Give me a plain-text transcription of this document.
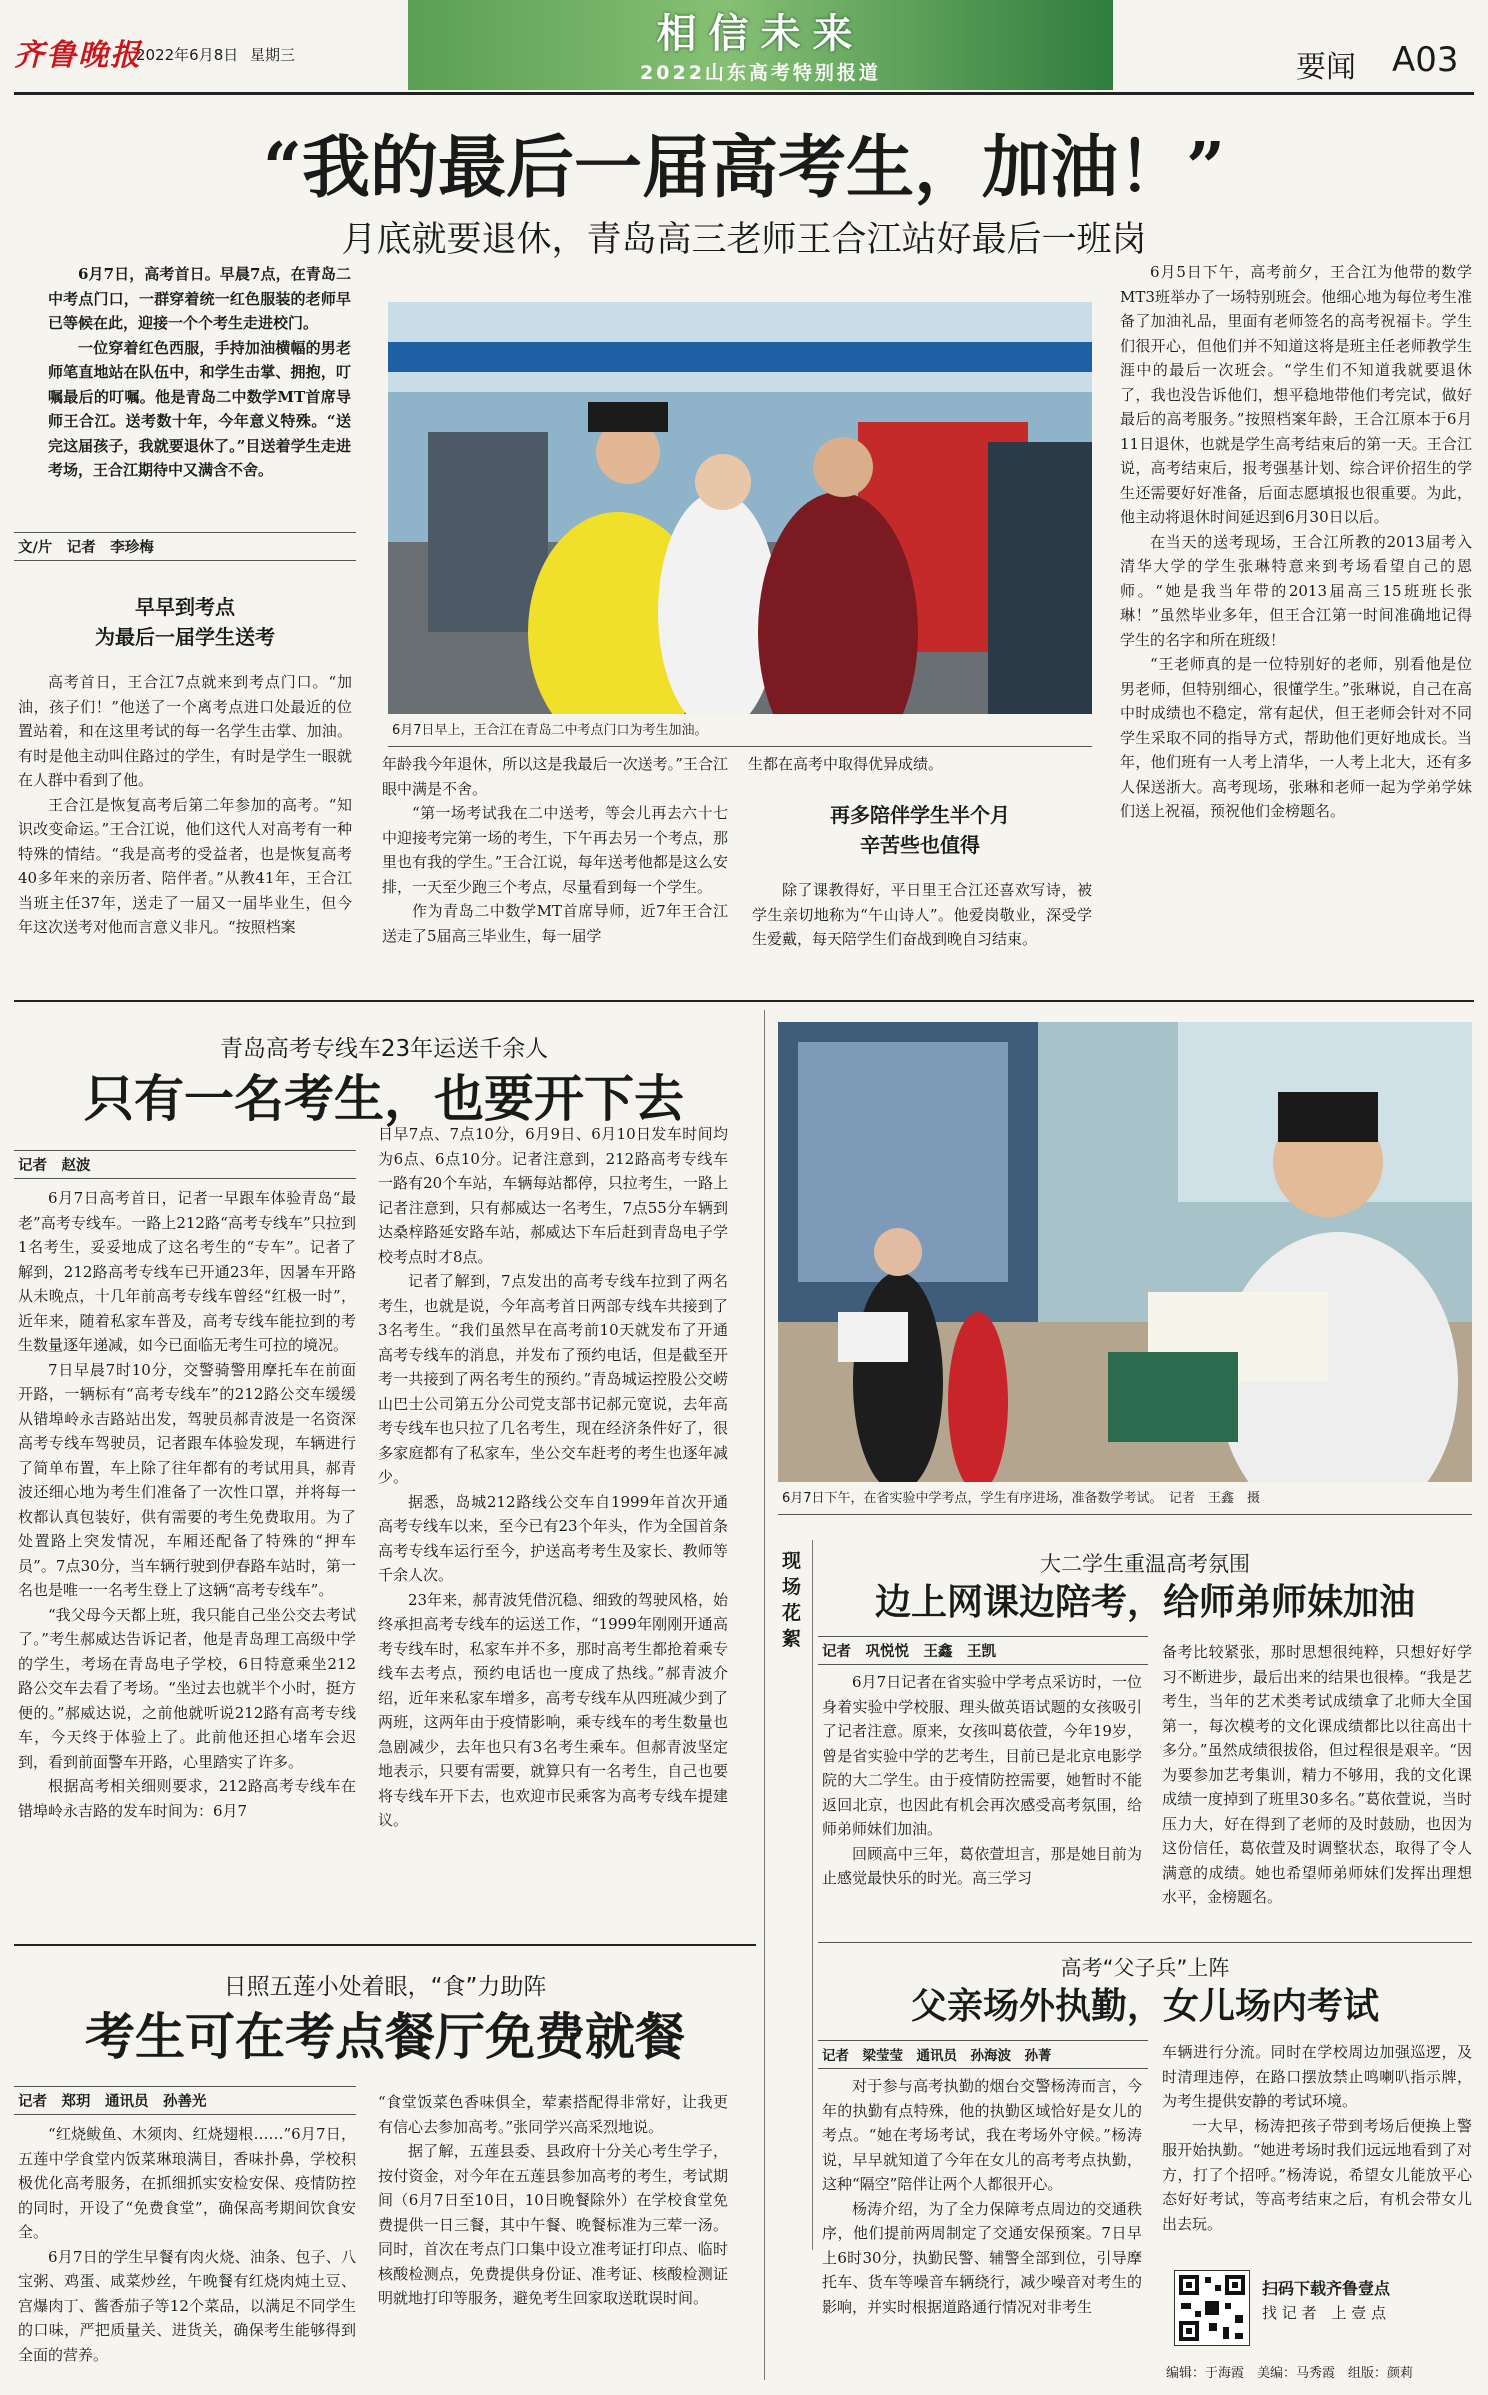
齐鲁晚报
2022年6月8日 星期三	相信未来
2022山东高考特别报道	要闻 A03
“我的最后一届高考生，加油！”
月底就要退休，青岛高三老师王合江站好最后一班岗

6月7日，高考首日。早晨7点，在青岛二中考点门口，一群穿着统一红色服装的老师早已等候在此，迎接一个个考生走进校门。

一位穿着红色西服，手持加油横幅的男老师笔直地站在队伍中，和学生击掌、拥抱，叮嘱最后的叮嘱。他是青岛二中数学MT首席导师王合江。送考数十年，今年意义特殊。“送完这届孩子，我就要退休了。”目送着学生走进考场，王合江期待中又满含不舍。

文/片　记者　李珍梅
早早到考点
为最后一届学生送考

高考首日，王合江7点就来到考点门口。“加油，孩子们！”他送了一个离考点进口处最近的位置站着，和在这里考试的每一名学生击掌、加油。有时是他主动叫住路过的学生，有时是学生一眼就在人群中看到了他。

王合江是恢复高考后第二年参加的高考。“知识改变命运。”王合江说，他们这代人对高考有一种特殊的情结。“我是高考的受益者，也是恢复高考40多年来的亲历者、陪伴者。”从教41年，王合江当班主任37年，送走了一届又一届毕业生，但今年这次送考对他而言意义非凡。“按照档案

6月7日早上，王合江在青岛二中考点门口为考生加油。

年龄我今年退休，所以这是我最后一次送考。”王合江眼中满是不舍。

“第一场考试我在二中送考，等会儿再去六十七中迎接考完第一场的考生，下午再去另一个考点，那里也有我的学生。”王合江说，每年送考他都是这么安排，一天至少跑三个考点，尽量看到每一个学生。

作为青岛二中数学MT首席导师，近7年王合江送走了5届高三毕业生，每一届学

生都在高考中取得优异成绩。

再多陪伴学生半个月
辛苦些也值得

除了课教得好，平日里王合江还喜欢写诗，被学生亲切地称为“午山诗人”。他爱岗敬业，深受学生爱戴，每天陪学生们奋战到晚自习结束。

6月5日下午，高考前夕，王合江为他带的数学MT3班举办了一场特别班会。他细心地为每位考生准备了加油礼品，里面有老师签名的高考祝福卡。学生们很开心，但他们并不知道这将是班主任老师教学生涯中的最后一次班会。“学生们不知道我就要退休了，我也没告诉他们，想平稳地带他们考完试，做好最后的高考服务。”按照档案年龄，王合江原本于6月11日退休，也就是学生高考结束后的第一天。王合江说，高考结束后，报考强基计划、综合评价招生的学生还需要好好准备，后面志愿填报也很重要。为此，他主动将退休时间延迟到6月30日以后。

在当天的送考现场，王合江所教的2013届考入清华大学的学生张琳特意来到考场看望自己的恩师。“她是我当年带的2013届高三15班班长张琳！”虽然毕业多年，但王合江第一时间准确地记得学生的名字和所在班级！

“王老师真的是一位特别好的老师，别看他是位男老师，但特别细心，很懂学生。”张琳说，自己在高中时成绩也不稳定，常有起伏，但王老师会针对不同学生采取不同的指导方式，帮助他们更好地成长。当年，他们班有一人考上清华，一人考上北大，还有多人保送浙大。高考现场，张琳和老师一起为学弟学妹们送上祝福，预祝他们金榜题名。

青岛高考专线车23年运送千余人
只有一名考生，也要开下去
记者　赵波

6月7日高考首日，记者一早跟车体验青岛“最老”高考专线车。一路上212路“高考专线车”只拉到1名考生，妥妥地成了这名考生的“专车”。记者了解到，212路高考专线车已开通23年，因暑车开路从未晚点，十几年前高考专线车曾经“红极一时”，近年来，随着私家车普及，高考专线车能拉到的考生数量逐年递减，如今已面临无考生可拉的境况。

7日早晨7时10分，交警骑警用摩托车在前面开路，一辆标有“高考专线车”的212路公交车缓缓从错埠岭永吉路站出发，驾驶员郝青波是一名资深高考专线车驾驶员，记者跟车体验发现，车辆进行了简单布置，车上除了往年都有的考试用具，郝青波还细心地为考生们准备了一次性口罩，并将每一枚都认真包装好，供有需要的考生免费取用。为了处置路上突发情况，车厢还配备了特殊的“押车员”。7点30分，当车辆行驶到伊春路车站时，第一名也是唯一一名考生登上了这辆“高考专线车”。

“我父母今天都上班，我只能自己坐公交去考试了。”考生郝威达告诉记者，他是青岛理工高级中学的学生，考场在青岛电子学校，6日特意乘坐212路公交车去看了考场。“坐过去也就半个小时，挺方便的。”郝威达说，之前他就听说212路有高考专线车，今天终于体验上了。此前他还担心堵车会迟到，看到前面警车开路，心里踏实了许多。

根据高考相关细则要求，212路高考专线车在错埠岭永吉路的发车时间为：6月7

日早7点、7点10分，6月9日、6月10日发车时间均为6点、6点10分。记者注意到，212路高考专线车一路有20个车站，车辆每站都停，只拉考生，一路上记者注意到，只有郝威达一名考生，7点55分车辆到达桑梓路延安路车站，郝威达下车后赶到青岛电子学校考点时才8点。

记者了解到，7点发出的高考专线车拉到了两名考生，也就是说，今年高考首日两部专线车共接到了3名考生。“我们虽然早在高考前10天就发布了开通高考专线车的消息，并发布了预约电话，但是截至开考一共接到了两名考生的预约。”青岛城运控股公交崂山巴士公司第五分公司党支部书记郝元宽说，去年高考专线车也只拉了几名考生，现在经济条件好了，很多家庭都有了私家车，坐公交车赶考的考生也逐年减少。

据悉，岛城212路线公交车自1999年首次开通高考专线车以来，至今已有23个年头，作为全国首条高考专线车运行至今，护送高考考生及家长、教师等千余人次。

23年来，郝青波凭借沉稳、细致的驾驶风格，始终承担高考专线车的运送工作，“1999年刚刚开通高考专线车时，私家车并不多，那时高考生都抢着乘专线车去考点，预约电话也一度成了热线。”郝青波介绍，近年来私家车增多，高考专线车从四班减少到了两班，这两年由于疫情影响，乘专线车的考生数量也急剧减少，去年也只有3名考生乘车。但郝青波坚定地表示，只要有需要，就算只有一名考生，自己也要将专线车开下去，也欢迎市民乘客为高考专线车提建议。

6月7日下午，在省实验中学考点，学生有序进场，准备数学考试。　记者　王鑫　摄
现场花絮
大二学生重温高考氛围
边上网课边陪考，给师弟师妹加油
记者　巩悦悦　王鑫　王凯

6月7日记者在省实验中学考点采访时，一位身着实验中学校服、理头做英语试题的女孩吸引了记者注意。原来，女孩叫葛依萱，今年19岁，曾是省实验中学的艺考生，目前已是北京电影学院的大二学生。由于疫情防控需要，她暂时不能返回北京，也因此有机会再次感受高考氛围，给师弟师妹们加油。

回顾高中三年，葛依萱坦言，那是她目前为止感觉最快乐的时光。高三学习

备考比较紧张，那时思想很纯粹，只想好好学习不断进步，最后出来的结果也很棒。“我是艺考生，当年的艺术类考试成绩拿了北师大全国第一，每次模考的文化课成绩都比以往高出十多分。”虽然成绩很拔俗，但过程很是艰辛。“因为要参加艺考集训，精力不够用，我的文化课成绩一度掉到了班里30多名。”葛依萱说，当时压力大，好在得到了老师的及时鼓励，也因为这份信任，葛依萱及时调整状态，取得了令人满意的成绩。她也希望师弟师妹们发挥出理想水平，金榜题名。

高考“父子兵”上阵
父亲场外执勤，女儿场内考试
记者　梁莹莹　通讯员　孙海波　孙菁

对于参与高考执勤的烟台交警杨涛而言，今年的执勤有点特殊，他的执勤区域恰好是女儿的考点。“她在考场考试，我在考场外守候。”杨涛说，早早就知道了今年在女儿的高考考点执勤，这种“隔空”陪伴让两个人都很开心。

杨涛介绍，为了全力保障考点周边的交通秩序，他们提前两周制定了交通安保预案。7日早上6时30分，执勤民警、辅警全部到位，引导摩托车、货车等噪音车辆绕行，减少噪音对考生的影响，并实时根据道路通行情况对非考生

车辆进行分流。同时在学校周边加强巡逻，及时清理违停，在路口摆放禁止鸣喇叭指示牌，为考生提供安静的考试环境。

一大早，杨涛把孩子带到考场后便换上警服开始执勤。“她进考场时我们远远地看到了对方，打了个招呼。”杨涛说，希望女儿能放平心态好好考试，等高考结束之后，有机会带女儿出去玩。

扫码下载齐鲁壹点
找 记 者　上 壹 点
编辑：于海霞　美编：马秀霞　组版：颜莉
日照五莲小处着眼，“食”力助阵
考生可在考点餐厅免费就餐
记者　郑玥　通讯员　孙善光

“红烧鲅鱼、木须肉、红烧翅根……”6月7日，五莲中学食堂内饭菜琳琅满目，香味扑鼻，学校积极优化高考服务，在抓细抓实安检安保、疫情防控的同时，开设了“免费食堂”，确保高考期间饮食安全。

6月7日的学生早餐有肉火烧、油条、包子、八宝粥、鸡蛋、咸菜炒丝，午晚餐有红烧肉炖土豆、宫爆肉丁、酱香茄子等12个菜品，以满足不同学生的口味，严把质量关、进货关，确保考生能够得到全面的营养。

“食堂饭菜色香味俱全，荤素搭配得非常好，让我更有信心去参加高考。”张同学兴高采烈地说。

据了解，五莲县委、县政府十分关心考生学子，按付资金，对今年在五莲县参加高考的考生，考试期间（6月7日至10日，10日晚餐除外）在学校食堂免费提供一日三餐，其中午餐、晚餐标准为三荤一汤。同时，首次在考点门口集中设立准考证打印点、临时核酸检测点，免费提供身份证、准考证、核酸检测证明就地打印等服务，避免考生回家取送耽误时间。
